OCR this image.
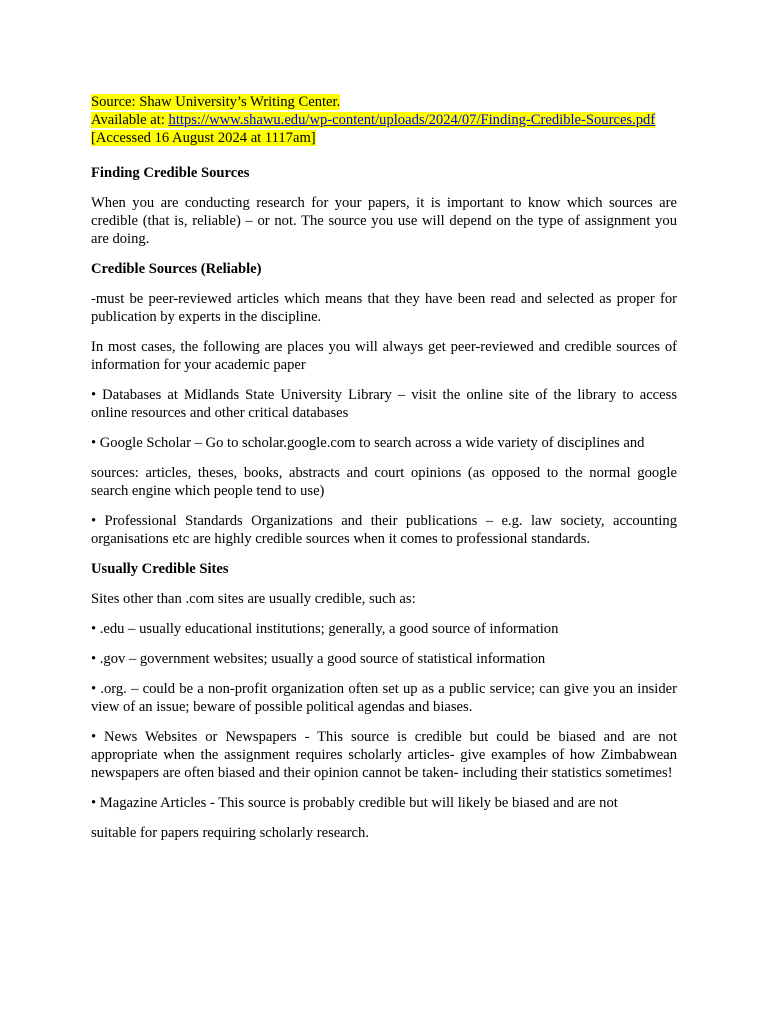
Source: Shaw University’s Writing Center.
Available at: https://www.shawu.edu/wp-content/uploads/2024/07/Finding-Credible-Sources.pdf
[Accessed 16 August 2024 at 1117am]
Finding Credible Sources

When you are conducting research for your papers, it is important to know which sources are credible (that is, reliable) – or not. The source you use will depend on the type of assignment you are doing.

Credible Sources (Reliable)

-must be peer-reviewed articles which means that they have been read and selected as proper for publication by experts in the discipline.

In most cases, the following are places you will always get peer-reviewed and credible sources of information for your academic paper

• Databases at Midlands State University Library – visit the online site of the library to access online resources and other critical databases

• Google Scholar – Go to scholar.google.com to search across a wide variety of disciplines and

sources: articles, theses, books, abstracts and court opinions (as opposed to the normal google search engine which people tend to use)

• Professional Standards Organizations and their publications – e.g. law society, accounting organisations etc are highly credible sources when it comes to professional standards.

Usually Credible Sites

Sites other than .com sites are usually credible, such as:

• .edu – usually educational institutions; generally, a good source of information

• .gov – government websites; usually a good source of statistical information

• .org. – could be a non-profit organization often set up as a public service; can give you an insider view of an issue; beware of possible political agendas and biases.

• News Websites or Newspapers - This source is credible but could be biased and are not appropriate when the assignment requires scholarly articles- give examples of how Zimbabwean newspapers are often biased and their opinion cannot be taken- including their statistics sometimes!

• Magazine Articles - This source is probably credible but will likely be biased and are not

suitable for papers requiring scholarly research.
